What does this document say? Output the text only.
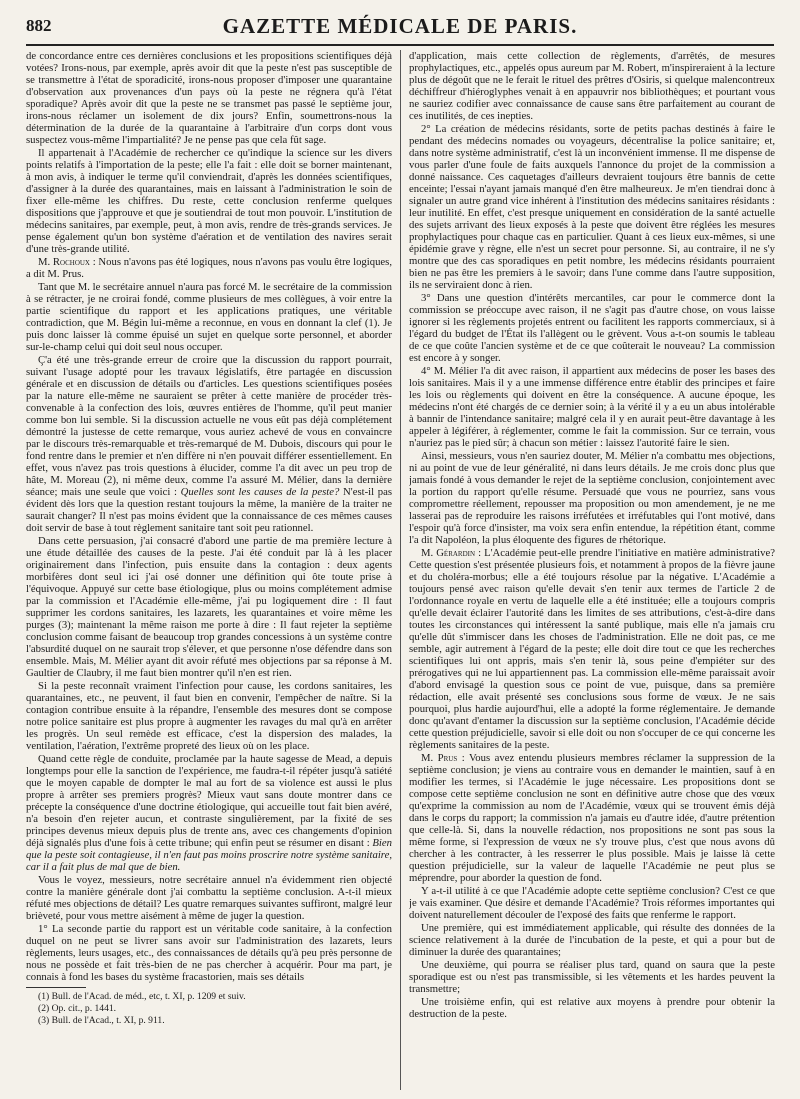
882	GAZETTE MÉDICALE DE PARIS.

de concordance entre ces dernières conclusions et les propositions scientifiques déjà votées? Irons-nous, par exemple, après avoir dit que la peste n'est pas susceptible de se transmettre à l'état de sporadicité, irons-nous proposer d'imposer une quarantaine d'observation aux provenances d'un pays où la peste ne régnera qu'à l'état sporadique? Après avoir dit que la peste ne se transmet pas passé le septième jour, irons-nous réclamer un isolement de dix jours? Enfin, soumettrons-nous la détermination de la durée de la quarantaine à l'arbitraire d'un corps dont vous suspectez vous-même l'impartialité? Je ne pense pas que cela fût sage.

Il appartenait à l'Académie de rechercher ce qu'indique la science sur les divers points relatifs à l'importation de la peste; elle l'a fait : elle doit se borner maintenant, à mon avis, à indiquer le terme qu'il conviendrait, d'après les données scientifiques, d'assigner à la durée des quarantaines, mais en laissant à l'administration le soin de fixer elle-même les chiffres. Du reste, cette conclusion renferme quelques dispositions que j'approuve et que je soutiendrai de tout mon pouvoir. L'institution de médecins sanitaires, par exemple, peut, à mon avis, rendre de très-grands services. Je pense également qu'un bon système d'aération et de ventilation des navires serait d'une très-grande utilité.

M. Rochoux : Nous n'avons pas été logiques, nous n'avons pas voulu être logiques, a dit M. Prus.

Tant que M. le secrétaire annuel n'aura pas forcé M. le secrétaire de la commission à se rétracter, je ne croirai fondé, comme plusieurs de mes collègues, à voir entre la partie scientifique du rapport et les applications pratiques, une véritable contradiction, que M. Bégin lui-même a reconnue, en vous en donnant la clef (1). Je puis donc laisser là comme épuisé un sujet en quelque sorte personnel, et aborder sur-le-champ celui qui doit seul nous occuper.

Ç'a été une très-grande erreur de croire que la discussion du rapport pourrait, suivant l'usage adopté pour les travaux législatifs, être partagée en discussion générale et en discussion de détails ou d'articles. Les questions scientifiques posées par la nature elle-même ne sauraient se prêter à cette manière de procéder très-convenable à la confection des lois, œuvres entières de l'homme, qu'il peut manier comme bon lui semble. Si la discussion actuelle ne vous eût pas déjà complétement démontré la justesse de cette remarque, vous auriez achevé de vous en convaincre par le discours très-remarquable et très-remarqué de M. Dubois, discours qui pour le fond rentre dans le premier et n'en diffère ni n'en pouvait différer essentiellement. En effet, vous n'avez pas trois questions à élucider, comme l'a dit avec un peu trop de hâte, M. Moreau (2), ni même deux, comme l'a assuré M. Mélier, dans la dernière séance; mais une seule que voici : Quelles sont les causes de la peste? N'est-il pas évident dès lors que la question restant toujours la même, la manière de la traiter ne saurait changer? Il n'est pas moins évident que la connaissance de ces mêmes causes doit servir de base à tout règlement sanitaire tant soit peu rationnel.

Dans cette persuasion, j'ai consacré d'abord une partie de ma première lecture à une étude détaillée des causes de la peste. J'ai été conduit par là à les placer originairement dans l'infection, puis ensuite dans la contagion : deux agents morbifères dont seul ici j'ai osé donner une définition qui ôte toute prise à l'équivoque. Appuyé sur cette base étiologique, plus ou moins complétement admise par la commission et l'Académie elle-même, j'ai pu logiquement dire : Il faut supprimer les cordons sanitaires, les lazarets, les quarantaines et voire même les purges (3); maintenant la même raison me porte à dire : Il faut rejeter la septième conclusion comme faisant de beaucoup trop grandes concessions à un système contre l'absurdité duquel on ne saurait trop s'élever, et que personne n'ose défendre dans son ensemble. Mais, M. Mélier ayant dit avoir réfuté mes objections par sa réponse à M. Gaultier de Claubry, il me faut bien montrer qu'il n'en est rien.

Si la peste reconnaît vraiment l'infection pour cause, les cordons sanitaires, les quarantaines, etc., ne peuvent, il faut bien en convenir, l'empêcher de naître. Si la contagion contribue ensuite à la répandre, l'ensemble des mesures dont se compose notre police sanitaire est plus propre à augmenter les ravages du mal qu'à en arrêter les progrès. Un seul remède est efficace, c'est la dispersion des malades, la ventilation, l'aération, l'extrême propreté des lieux où on les place.

Quand cette règle de conduite, proclamée par la haute sagesse de Mead, a depuis longtemps pour elle la sanction de l'expérience, me faudra-t-il répéter jusqu'à satiété que le moyen capable de dompter le mal au fort de sa violence est aussi le plus propre à arrêter ses premiers progrès? Mieux vaut sans doute montrer dans ce précepte la conséquence d'une doctrine étiologique, qui accueille tout fait bien avéré, n'a besoin d'en rejeter aucun, et contraste singulièrement, par la fixité de ses principes devenus mieux depuis plus de trente ans, avec ces changements d'opinion déjà signalés plus d'une fois à cette tribune; qui enfin peut se résumer en disant : Bien que la peste soit contagieuse, il n'en faut pas moins proscrire notre système sanitaire, car il a fait plus de mal que de bien.

Vous le voyez, messieurs, notre secrétaire annuel n'a évidemment rien objecté contre la manière générale dont j'ai combattu la septième conclusion. A-t-il mieux réfuté mes objections de détail? Les quatre remarques suivantes suffiront, malgré leur brièveté, pour vous mettre aisément à même de juger la question.

1° La seconde partie du rapport est un véritable code sanitaire, à la confection duquel on ne peut se livrer sans avoir sur l'administration des lazarets, leurs règlements, leurs usages, etc., des connaissances de détails qu'à peu près personne de nous ne possède et fait très-bien de ne pas chercher à acquérir. Pour ma part, je connais à fond les bases du système fracastorien, mais ses détails

(1) Bull. de l'Acad. de méd., etc, t. XI, p. 1209 et suiv.

(2) Op. cit., p. 1441.

(3) Bull. de l'Acad., t. XI, p. 911.

d'application, mais cette collection de règlements, d'arrêtés, de mesures prophylactiques, etc., appelés opus aureum par M. Robert, m'inspireraient à la lecture plus de dégoût que ne le ferait le rituel des prêtres d'Osiris, si quelque malencontreux déchiffreur d'hiéroglyphes venait à en appauvrir nos bibliothèques; et pourtant vous ne sauriez codifier avec connaissance de cause sans être parfaitement au courant de ces inutilités, de ces inepties.

2° La création de médecins résidants, sorte de petits pachas destinés à faire le pendant des médecins nomades ou voyageurs, décentralise la police sanitaire; et, dans notre système administratif, c'est là un inconvénient immense. Il me dispense de vous parler d'une foule de faits auxquels l'annonce du projet de la commission a donné naissance. Ces caquetages d'ailleurs devraient toujours être bannis de cette enceinte; l'essai n'ayant jamais manqué d'en être malheureux. Je m'en tiendrai donc à signaler un autre grand vice inhérent à l'institution des médecins sanitaires résidants : leur inutilité. En effet, c'est presque uniquement en considération de la santé actuelle des sujets arrivant des lieux exposés à la peste que doivent être réglées les mesures prophylactiques pour chaque cas en particulier. Quant à ces lieux eux-mêmes, si une épidémie grave y règne, elle n'est un secret pour personne. Si, au contraire, il ne s'y montre que des cas sporadiques en petit nombre, les médecins résidants pourraient bien ne pas être les premiers à le savoir; dans l'une comme dans l'autre supposition, ils ne serviraient donc à rien.

3° Dans une question d'intérêts mercantiles, car pour le commerce dont la commission se préoccupe avec raison, il ne s'agit pas d'autre chose, on vous laisse ignorer si les règlements projetés entrent ou facilitent les rapports commerciaux, si à l'égard du budget de l'État ils l'allègent ou le grèvent. Vous a-t-on soumis le tableau de ce que coûte l'ancien système et de ce que coûterait le nouveau? La commission est encore à y songer.

4° M. Mélier l'a dit avec raison, il appartient aux médecins de poser les bases des lois sanitaires. Mais il y a une immense différence entre établir des principes et faire les lois ou règlements qui doivent en être la conséquence. A aucune époque, les médecins n'ont été chargés de ce dernier soin; à la vérité il y a eu un abus intolérable à bannir de l'intendance sanitaire; malgré cela il y en aurait peut-être davantage à les appeler à légiférer, à réglementer, comme le fait la commission. Sur ce terrain, vous n'auriez pas le pied sûr; à chacun son métier : laissez l'autorité faire le sien.

Ainsi, messieurs, vous n'en sauriez douter, M. Mélier n'a combattu mes objections, ni au point de vue de leur généralité, ni dans leurs détails. Je me crois donc plus que jamais fondé à vous demander le rejet de la septième conclusion, conjointement avec la portion du rapport qu'elle résume. Persuadé que vous ne pourriez, sans vous compromettre réellement, repousser ma proposition ou mon amendement, je ne me lasserai pas de reproduire les raisons irréfutées et irréfutables qui l'ont motivé, dans l'espoir qu'à force d'insister, ma voix sera enfin entendue, la répétition étant, comme l'a dit Napoléon, la plus éloquente des figures de rhétorique.

M. Gérardin : L'Académie peut-elle prendre l'initiative en matière administrative? Cette question s'est présentée plusieurs fois, et notamment à propos de la fièvre jaune et du choléra-morbus; elle a été toujours résolue par la négative. L'Académie a toujours pensé avec raison qu'elle devait s'en tenir aux termes de l'article 2 de l'ordonnance royale en vertu de laquelle elle a été instituée; elle a toujours compris qu'elle devait éclairer l'autorité dans les limites de ses attributions, c'est-à-dire dans toutes les circonstances qui intéressent la santé publique, mais elle n'a jamais cru qu'elle dût s'immiscer dans les choses de l'administration. Elle ne doit pas, ce me semble, agir autrement à l'égard de la peste; elle doit dire tout ce que les recherches scientifiques lui ont appris, mais s'en tenir là, sous peine d'empiéter sur des prérogatives qui ne lui appartiennent pas. La commission elle-même paraissait avoir d'abord envisagé la question sous ce point de vue, puisque, dans sa première rédaction, elle avait présenté ses conclusions sous forme de vœux. Je ne sais pourquoi, plus hardie aujourd'hui, elle a adopté la forme réglementaire. Je demande donc qu'avant d'entamer la discussion sur la septième conclusion, l'Académie décide cette question préjudicielle, savoir si elle doit ou non s'occuper de ce qui concerne les règlements sanitaires de la peste.

M. Prus : Vous avez entendu plusieurs membres réclamer la suppression de la septième conclusion; je viens au contraire vous en demander le maintien, sauf à en modifier les termes, si l'Académie le juge nécessaire. Les propositions dont se compose cette septième conclusion ne sont en définitive autre chose que des vœux qu'exprime la commission au nom de l'Académie, vœux qui se trouvent émis déjà dans le corps du rapport; la commission n'a jamais eu d'autre idée, d'autre prétention que celle-là. Si, dans la nouvelle rédaction, nos propositions ne sont pas sous la même forme, si l'expression de vœux ne s'y trouve plus, c'est que nous avons dû chercher à les contracter, à les resserrer le plus possible. Mais je laisse là cette question préjudicielle, sur la valeur de laquelle l'Académie ne peut plus se méprendre, pour aborder la question de fond.

Y a-t-il utilité à ce que l'Académie adopte cette septième conclusion? C'est ce que je vais examiner. Que désire et demande l'Académie? Trois réformes importantes qui doivent naturellement découler de l'exposé des faits que renferme le rapport.

Une première, qui est immédiatement applicable, qui résulte des données de la science relativement à la durée de l'incubation de la peste, et qui a pour but de diminuer la durée des quarantaines;

Une deuxième, qui pourra se réaliser plus tard, quand on saura que la peste sporadique est ou n'est pas transmissible, si les vêtements et les hardes peuvent la transmettre;

Une troisième enfin, qui est relative aux moyens à prendre pour obtenir la destruction de la peste.
